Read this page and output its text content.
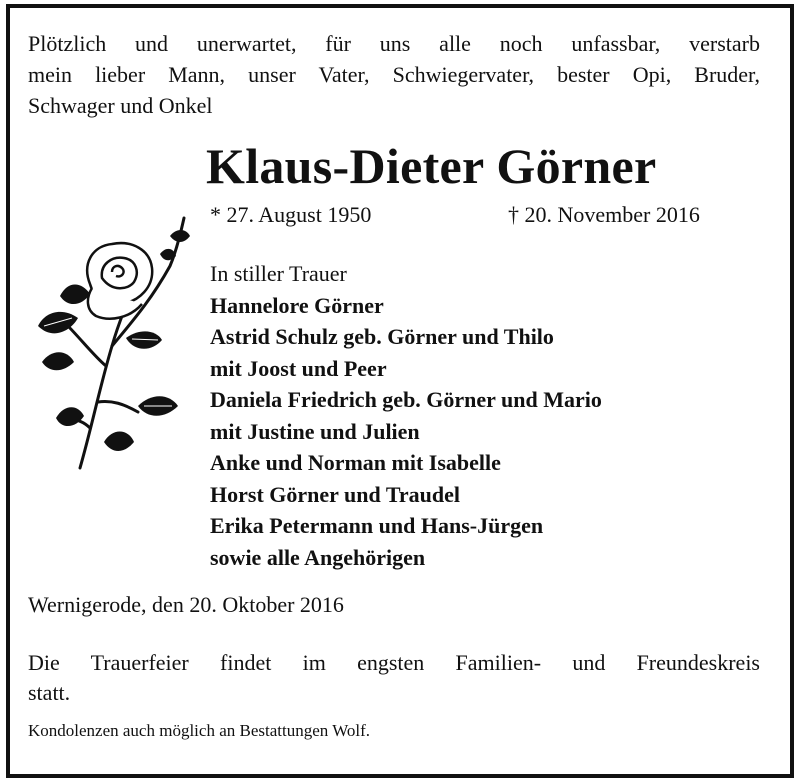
Plötzlich und unerwartet, für uns alle noch unfassbar, verstarb
mein lieber Mann, unser Vater, Schwiegervater, bester Opi, Bruder,
Schwager und Onkel
Klaus-Dieter Görner
* 27. August 1950	† 20. November 2016
In stiller Trauer
Hannelore Görner
Astrid Schulz geb. Görner und Thilo
mit Joost und Peer
Daniela Friedrich geb. Görner und Mario
mit Justine und Julien
Anke und Norman mit Isabelle
Horst Görner und Traudel
Erika Petermann und Hans-Jürgen
sowie alle Angehörigen
Wernigerode, den 20. Oktober 2016
Die Trauerfeier findet im engsten Familien- und Freundeskreis
statt.
Kondolenzen auch möglich an Bestattungen Wolf.
